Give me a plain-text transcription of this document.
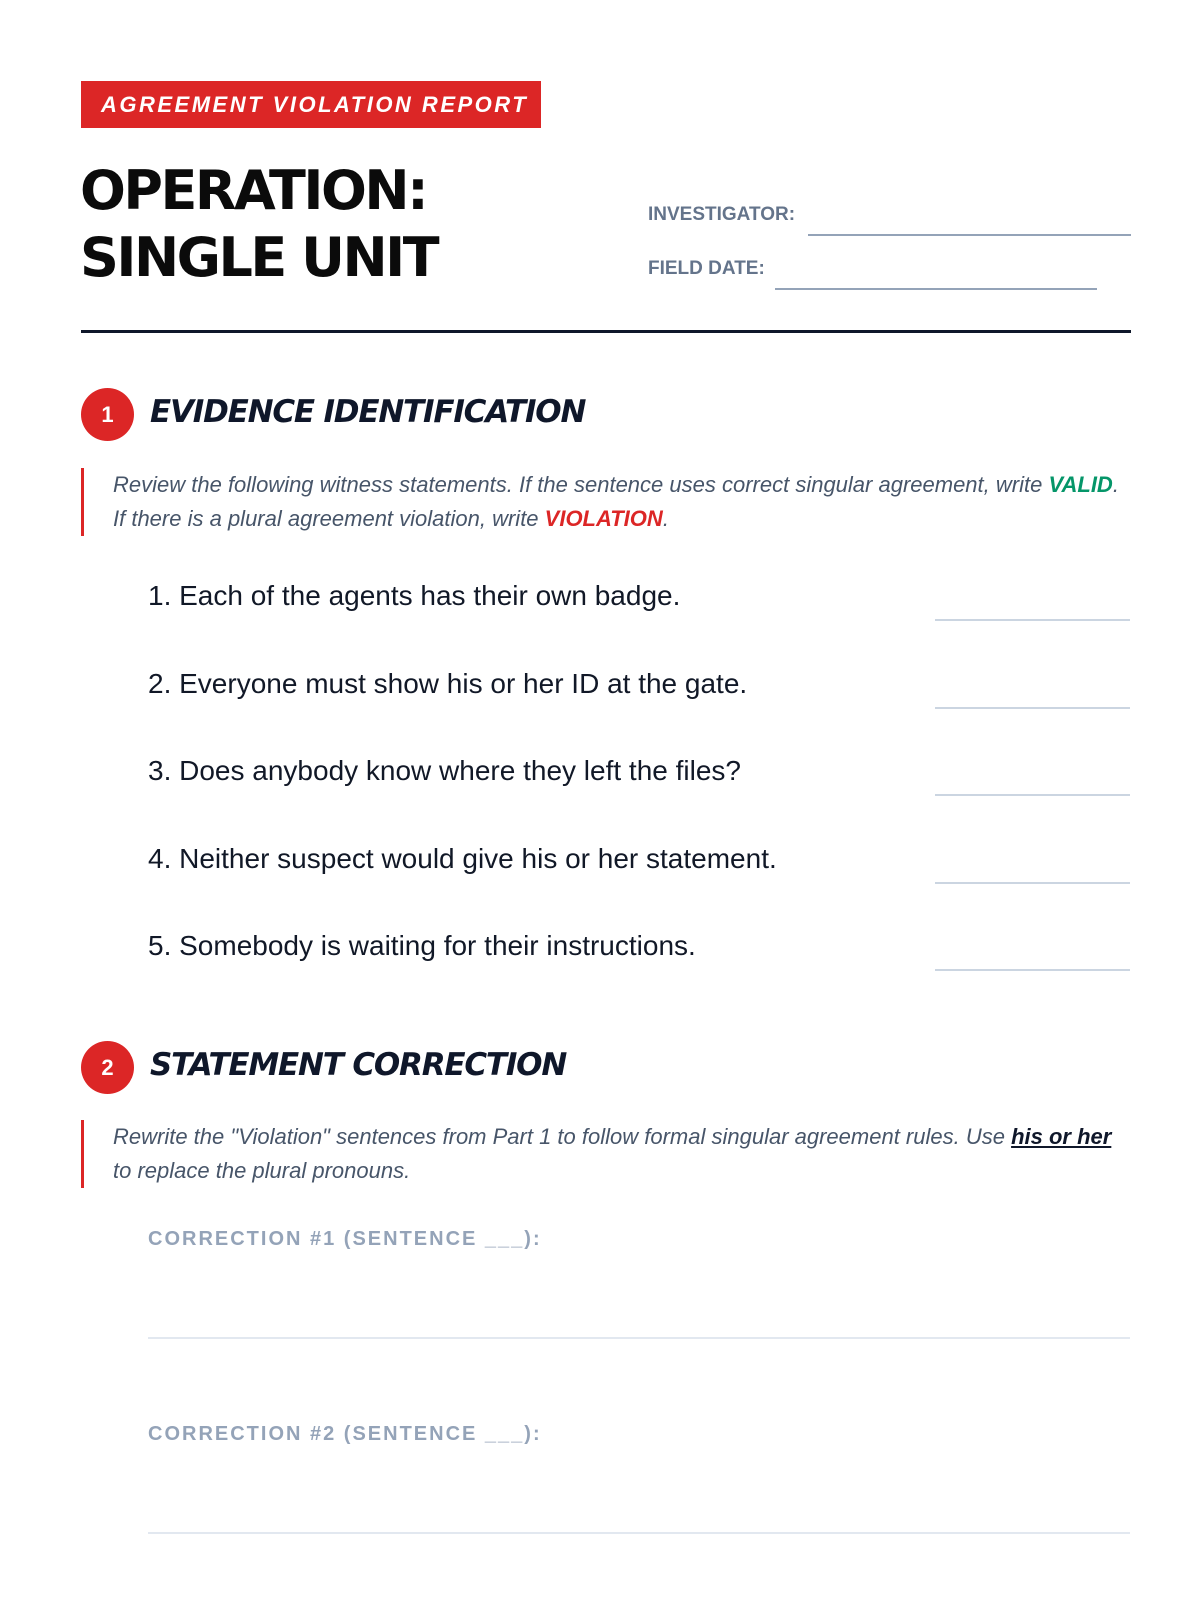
AGREEMENT VIOLATION REPORT
OPERATION:
SINGLE UNIT
INVESTIGATOR:
FIELD DATE:
1	EVIDENCE IDENTIFICATION
Review the following witness statements. If the sentence uses correct singular agreement, write VALID. If there is a plural agreement violation, write VIOLATION.
1. Each of the agents has their own badge.
2. Everyone must show his or her ID at the gate.
3. Does anybody know where they left the files?
4. Neither suspect would give his or her statement.
5. Somebody is waiting for their instructions.
2	STATEMENT CORRECTION
Rewrite the "Violation" sentences from Part 1 to follow formal singular agreement rules. Use his or her to replace the plural pronouns.
CORRECTION #1 (SENTENCE ___):
CORRECTION #2 (SENTENCE ___):
